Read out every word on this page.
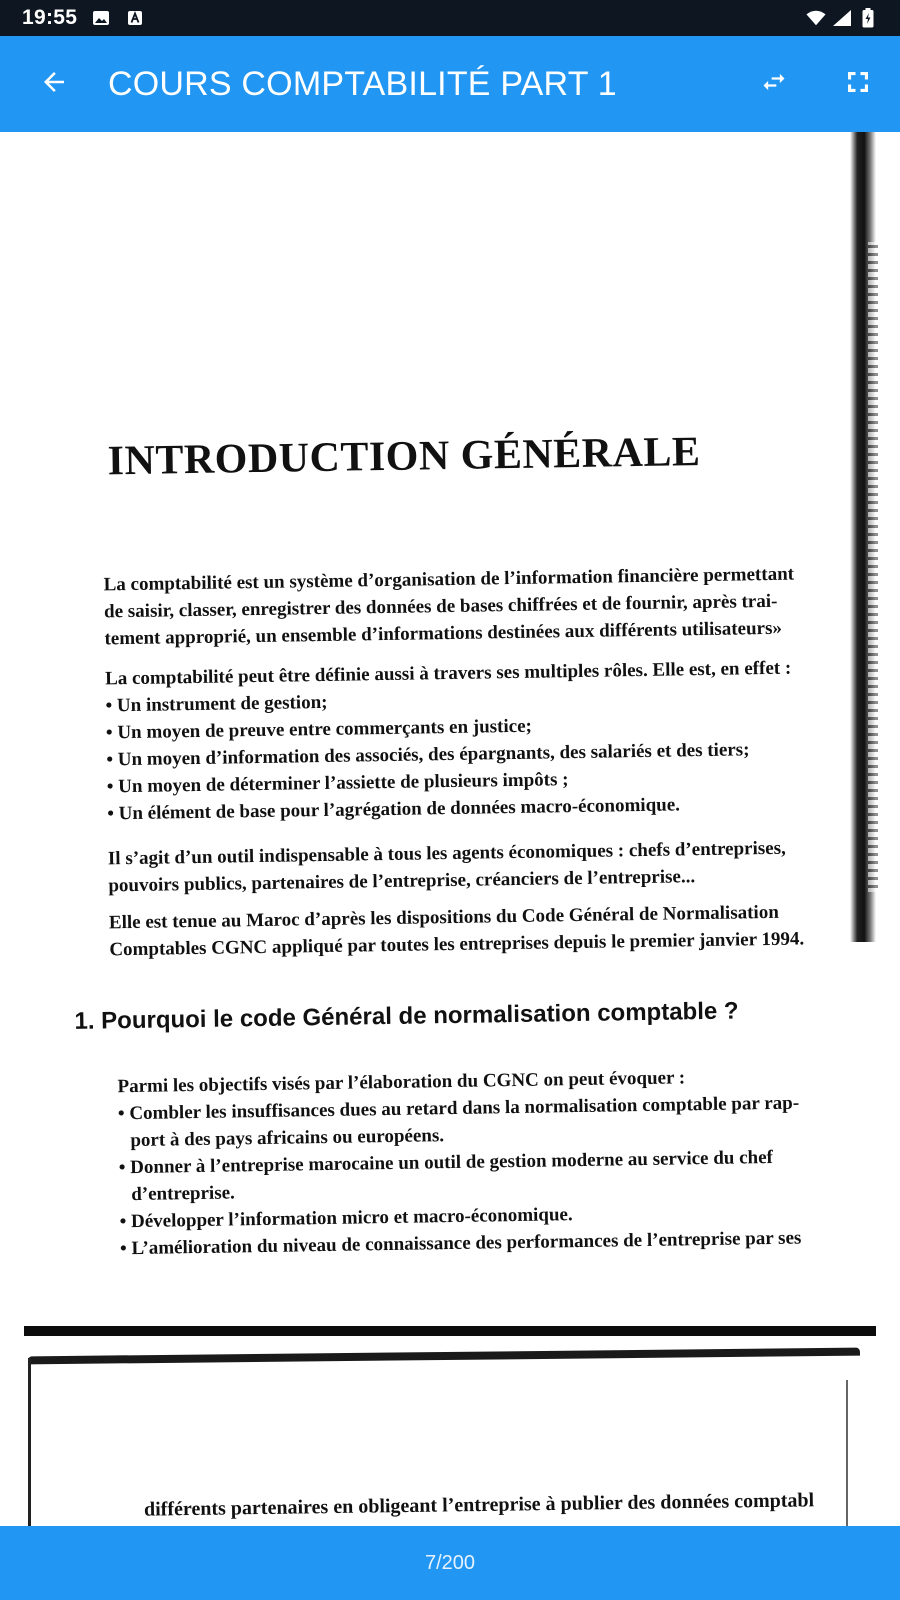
19:55
COURS COMPTABILITÉ PART 1
INTRODUCTION GÉNÉRALE
La comptabilité est un système d’organisation de l’information financière permettant
de saisir, classer, enregistrer des données de bases chiffrées et de fournir, après trai-
tement approprié, un ensemble d’informations destinées aux différents utilisateurs»
La comptabilité peut être définie aussi à travers ses multiples rôles. Elle est, en effet :
• Un instrument de gestion;
• Un moyen de preuve entre commerçants en justice;
• Un moyen d’information des associés, des épargnants, des salariés et des tiers;
• Un moyen de déterminer l’assiette de plusieurs impôts ;
• Un élément de base pour l’agrégation de données macro-économique.
Il s’agit d’un outil indispensable à tous les agents économiques : chefs d’entreprises,
pouvoirs publics, partenaires de l’entreprise, créanciers de l’entreprise...
Elle est tenue au Maroc d’après les dispositions du Code Général de Normalisation
Comptables CGNC appliqué par toutes les entreprises depuis le premier janvier 1994.
1. Pourquoi le code Général de normalisation comptable ?
Parmi les objectifs visés par l’élaboration du CGNC on peut évoquer :
• Combler les insuffisances dues au retard dans la normalisation comptable par rap-
port à des pays africains ou européens.
• Donner à l’entreprise marocaine un outil de gestion moderne au service du chef
d’entreprise.
• Développer l’information micro et macro-économique.
• L’amélioration du niveau de connaissance des performances de l’entreprise par ses
différents partenaires en obligeant l’entreprise à publier des données comptabl
7/200
